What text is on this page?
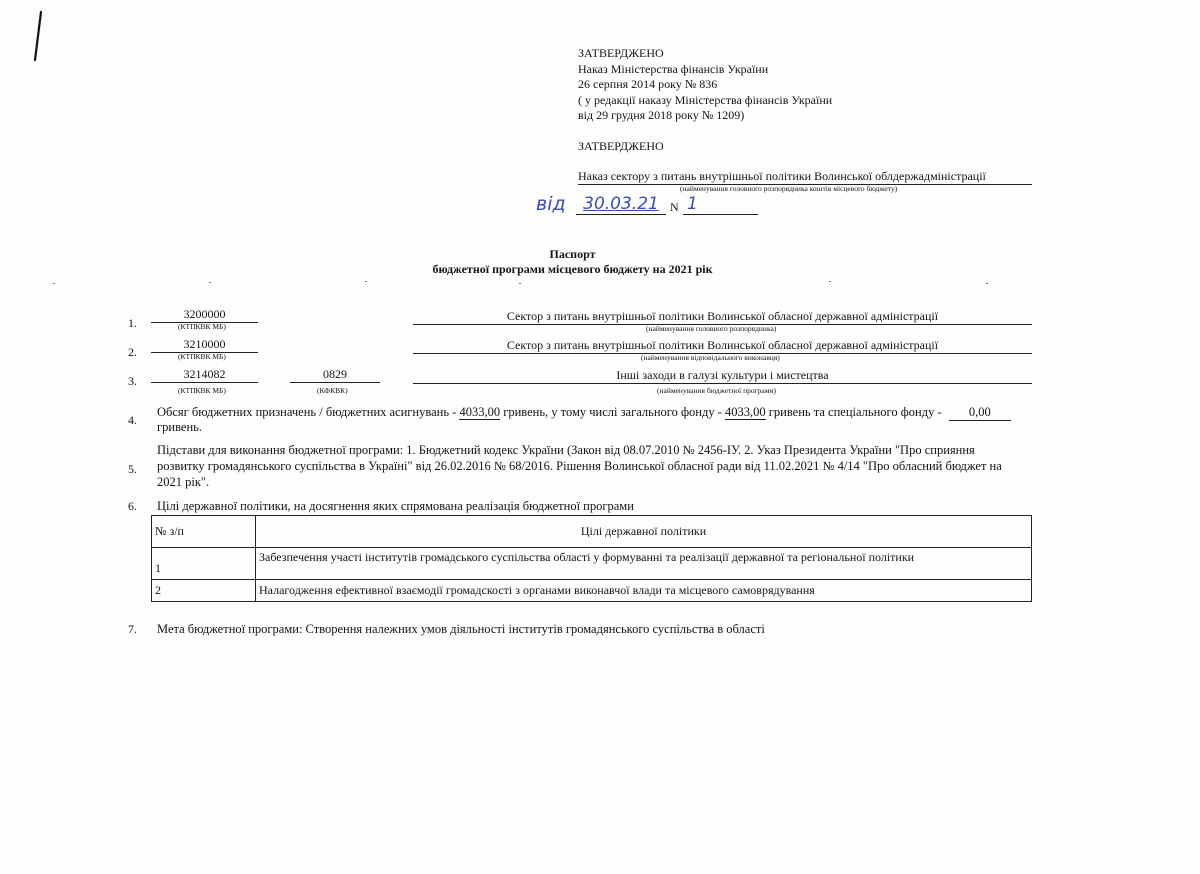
ЗАТВЕРДЖЕНО
Наказ Міністерства фінансів України
26 серпня 2014 року № 836
( у редакції наказу Міністерства фінансів України
від 29 грудня 2018 року № 1209)
ЗАТВЕРДЖЕНО
Наказ сектору з питань внутрішньої політики Волинської облдержадміністрації
(найменування головного розпорядника коштів місцевого бюджету)
від	30.03.21 N 1
Паспорт
бюджетної програми місцевого бюджету на 2021 рік
1.
3200000
(КТПКВК МБ)
Сектор з питань внутрішньої політики Волинської обласної державної адміністрації
(найменування головного розпорядника)
2.
3210000
(КТПКВК МБ)
Сектор з питань внутрішньої політики Волинської обласної державної адміністрації
(найменування відповідального виконавця)
3.	3214082
(КТПКВК МБ)
0829
(КФКВК)
Інші заходи в галузі культури і мистецтва
(найменування бюджетної програми)
4.
Обсяг бюджетних призначень / бюджетних асигнувань - 4033,00 гривень, у тому числі загального фонду - 4033,00 гривень та спеціального фонду - 0,00
гривень.
5.
Підстави для виконання бюджетної програми: 1. Бюджетний кодекс України (Закон від 08.07.2010 № 2456-ІУ. 2. Указ Президента України "Про сприяння
розвитку громадянського суспільства в Україні" від 26.02.2016 № 68/2016. Рішення Волинської обласної ради від 11.02.2021 № 4/14 "Про обласний бюджет на
2021 рік".
6. Цілі державної політики, на досягнення яких спрямована реалізація бюджетної програми
№ з/п	Цілі державної політики
1	Забезпечення участі інститутів громадського суспільства області у формуванні та реалізації державної та регіональної політики
2	Налагодження ефективної взаємодії громадскості з органами виконавчої влади та місцевого самоврядування
7. Мета бюджетної програми: Створення належних умов діяльності інститутів громадянського суспільства в області
